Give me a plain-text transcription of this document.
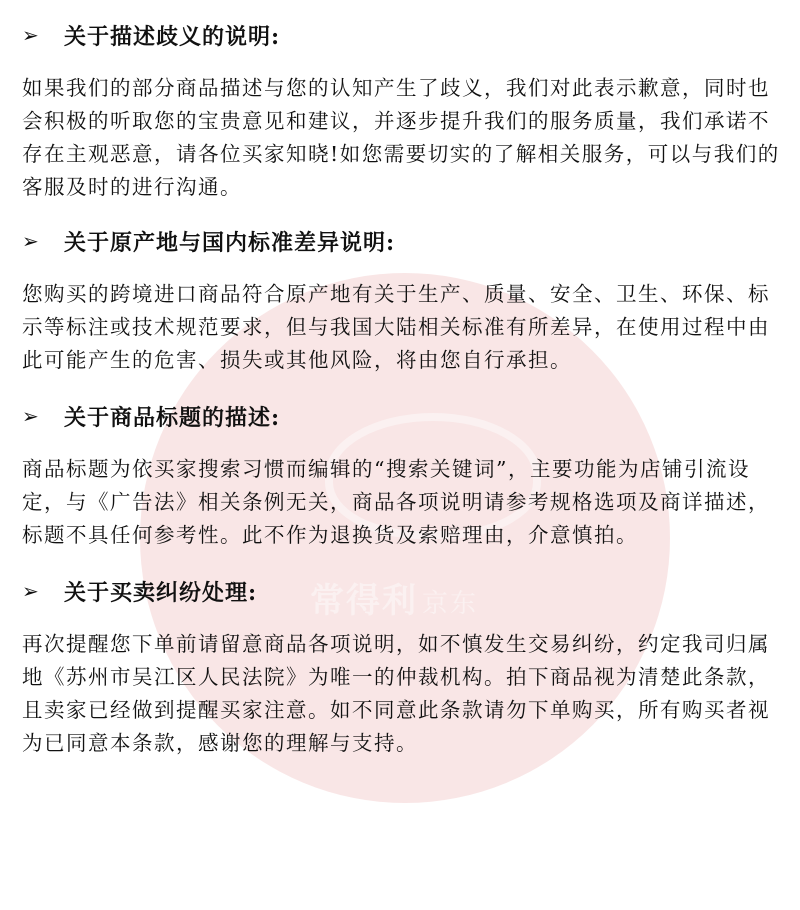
常得利 京东
➢	关于描述歧义的说明:

如果我们的部分商品描述与您的认知产生了歧义，我们对此表示歉意，同时也会积极的听取您的宝贵意见和建议，并逐步提升我们的服务质量，我们承诺不存在主观恶意，请各位买家知晓!如您需要切实的了解相关服务，可以与我们的客服及时的进行沟通。

➢	关于原产地与国内标准差异说明:

您购买的跨境进口商品符合原产地有关于生产、质量、安全、卫生、环保、标示等标注或技术规范要求，但与我国大陆相关标准有所差异，在使用过程中由此可能产生的危害、损失或其他风险，将由您自行承担。

➢	关于商品标题的描述:

商品标题为依买家搜索习惯而编辑的“搜索关键词”，主要功能为店铺引流设定，与《广告法》相关条例无关，商品各项说明请参考规格选项及商详描述，标题不具任何参考性。此不作为退换货及索赔理由，介意慎拍。

➢	关于买卖纠纷处理:

再次提醒您下单前请留意商品各项说明，如不慎发生交易纠纷，约定我司归属地《苏州市吴江区人民法院》为唯一的仲裁机构。拍下商品视为清楚此条款，且卖家已经做到提醒买家注意。如不同意此条款请勿下单购买，所有购买者视为已同意本条款，感谢您的理解与支持。
